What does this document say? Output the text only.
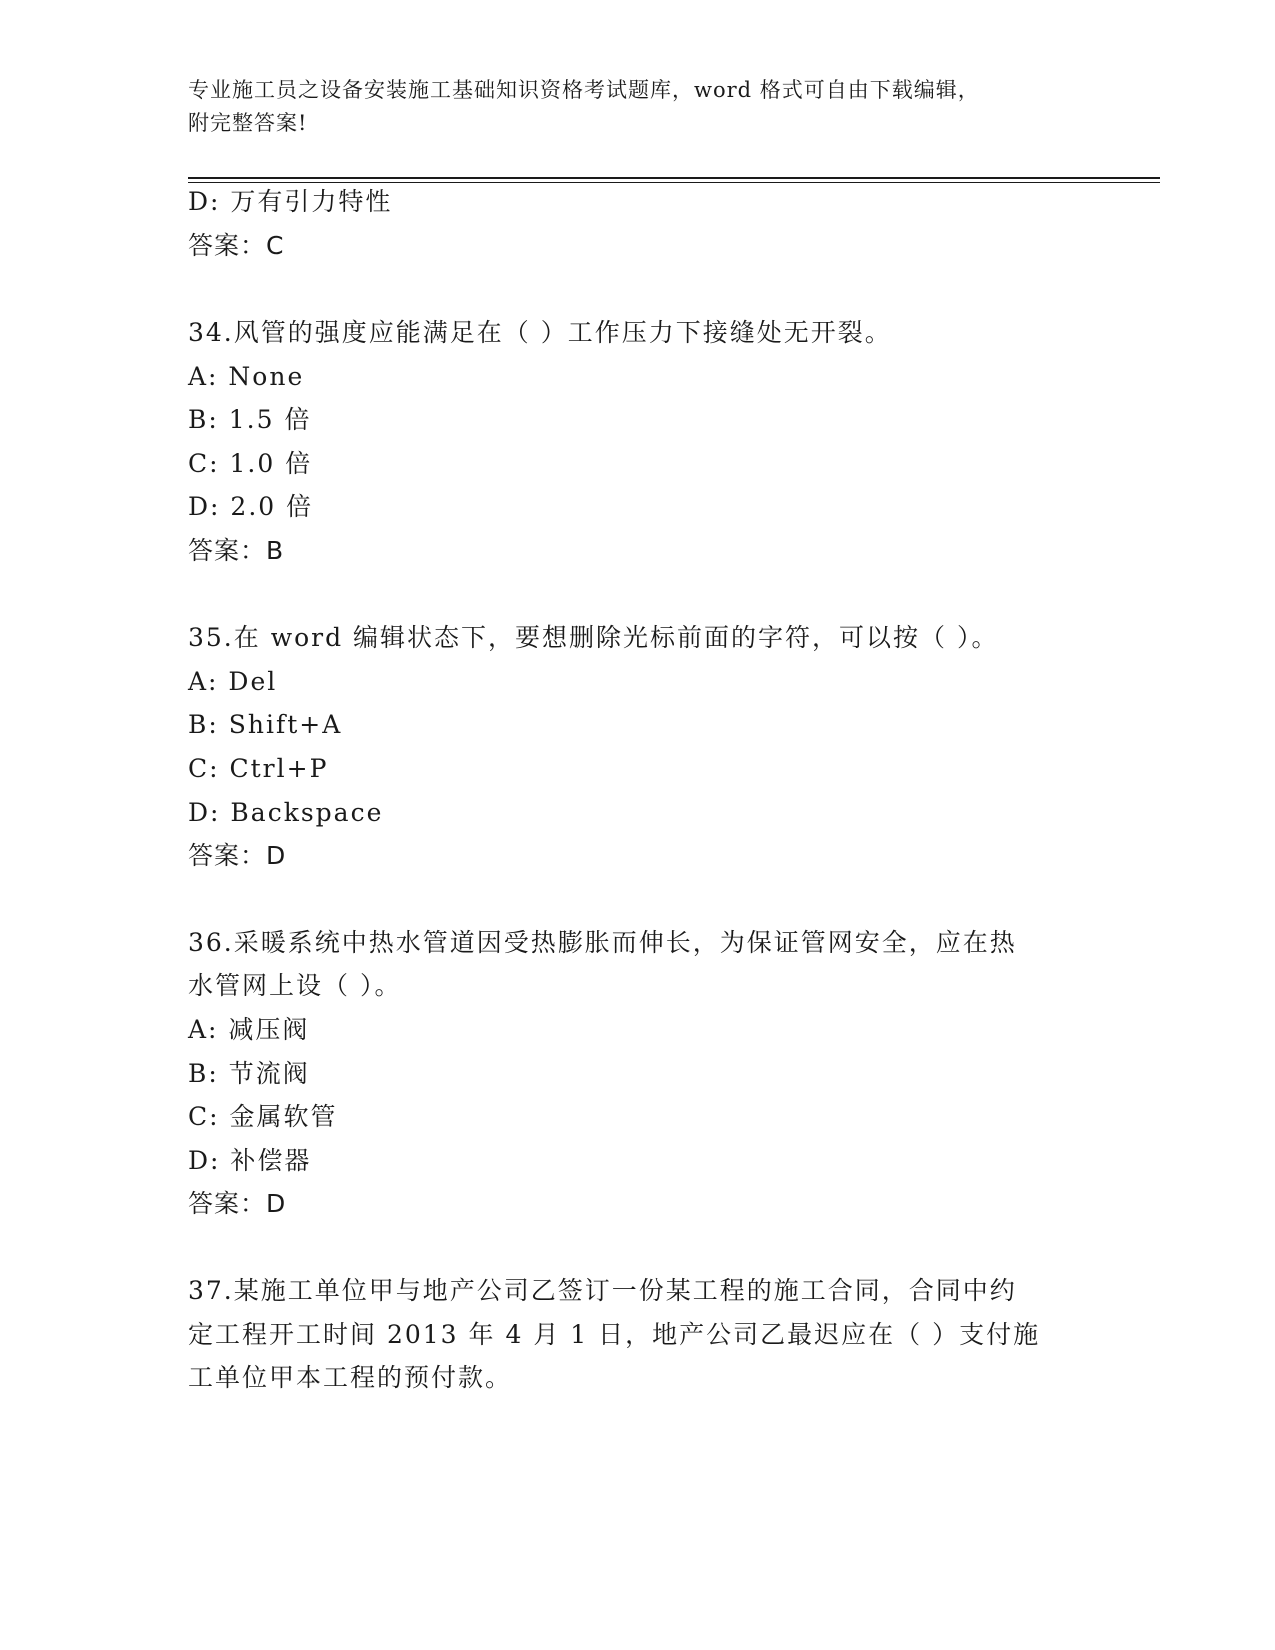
专业施工员之设备安装施工基础知识资格考试题库，word 格式可自由下载编辑，
附完整答案!
D: 万有引力特性
答案：C
34.风管的强度应能满足在（ ）工作压力下接缝处无开裂。
A: None
B: 1.5 倍
C: 1.0 倍
D: 2.0 倍
答案：B
35.在 word 编辑状态下，要想删除光标前面的字符，可以按（ ）。
A: Del
B: Shift+A
C: Ctrl+P
D: Backspace
答案：D
36.采暖系统中热水管道因受热膨胀而伸长，为保证管网安全，应在热
水管网上设（ ）。
A: 减压阀
B: 节流阀
C: 金属软管
D: 补偿器
答案：D
37.某施工单位甲与地产公司乙签订一份某工程的施工合同，合同中约
定工程开工时间 2013 年 4 月 1 日，地产公司乙最迟应在（ ）支付施
工单位甲本工程的预付款。
